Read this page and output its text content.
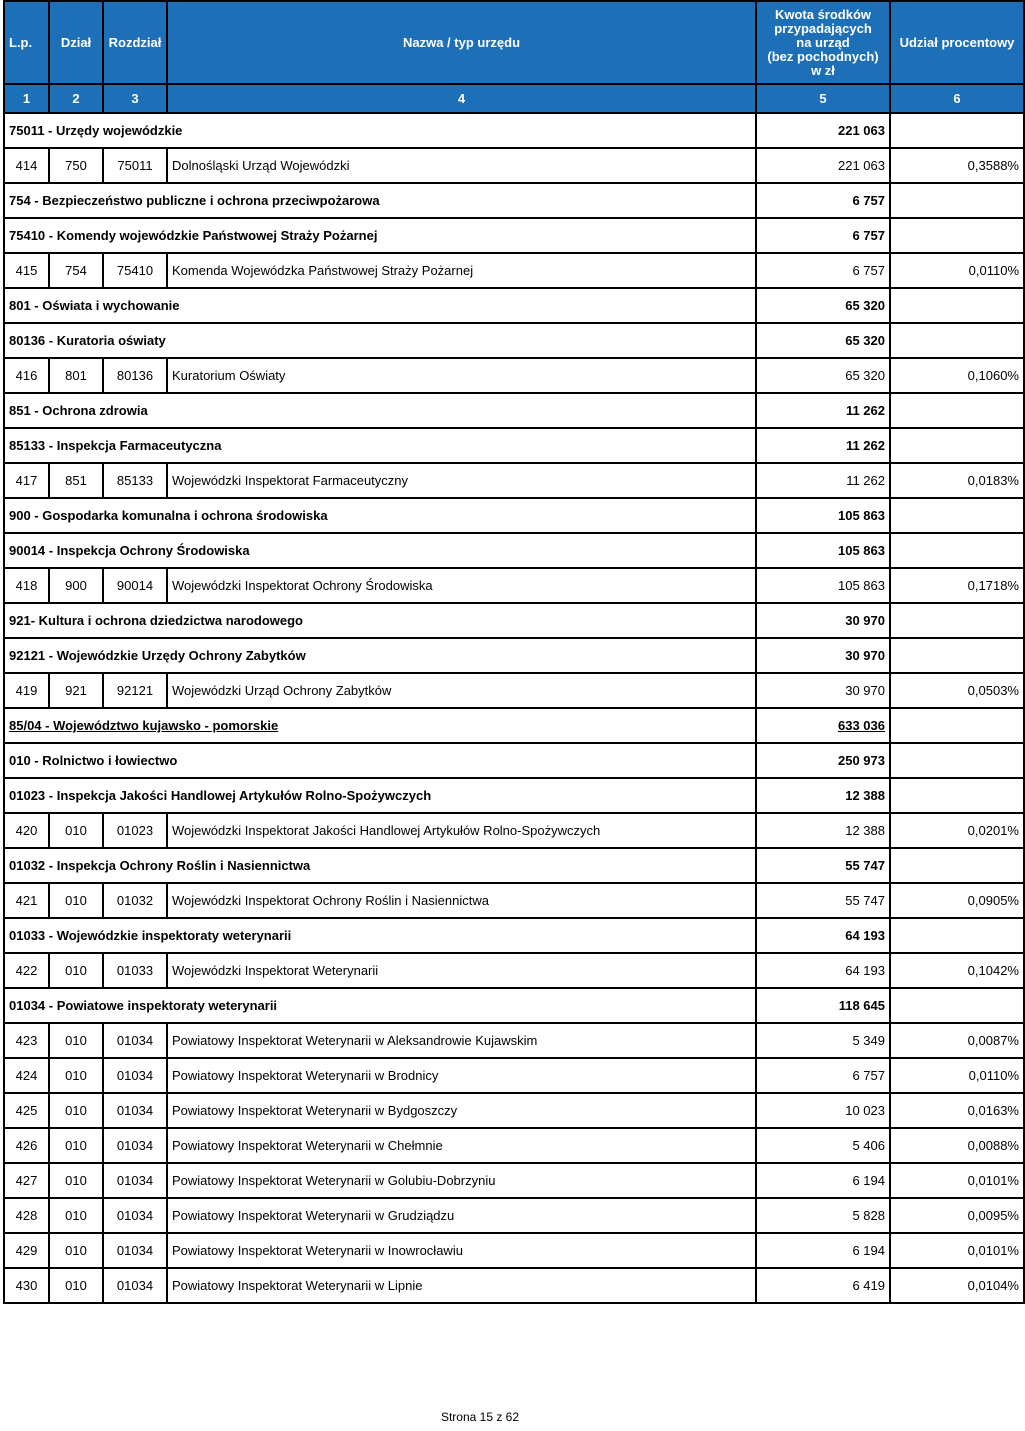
L.p.	Dział	Rozdział	Nazwa / typ urzędu	Kwota środków
przypadających
na urząd
(bez pochodnych)
w zł	Udział procentowy
1	2	3	4	5	6
75011 - Urzędy wojewódzkie				221 063	
414	750	75011	Dolnośląski Urząd Wojewódzki	221 063	0,3588%
754 - Bezpieczeństwo publiczne i ochrona przeciwpożarowa				6 757	
75410 - Komendy wojewódzkie Państwowej Straży Pożarnej				6 757	
415	754	75410	Komenda Wojewódzka Państwowej Straży Pożarnej	6 757	0,0110%
801 - Oświata i wychowanie				65 320	
80136 - Kuratoria oświaty				65 320	
416	801	80136	Kuratorium Oświaty	65 320	0,1060%
851 - Ochrona zdrowia				11 262	
85133 - Inspekcja Farmaceutyczna				11 262	
417	851	85133	Wojewódzki Inspektorat Farmaceutyczny	11 262	0,0183%
900 - Gospodarka komunalna i ochrona środowiska				105 863	
90014 - Inspekcja Ochrony Środowiska				105 863	
418	900	90014	Wojewódzki Inspektorat Ochrony Środowiska	105 863	0,1718%
921- Kultura i ochrona dziedzictwa narodowego				30 970	
92121 - Wojewódzkie Urzędy Ochrony Zabytków				30 970	
419	921	92121	Wojewódzki Urząd Ochrony Zabytków	30 970	0,0503%
85/04 - Województwo kujawsko - pomorskie				633 036	
010 - Rolnictwo i łowiectwo				250 973	
01023 - Inspekcja Jakości Handlowej Artykułów Rolno-Spożywczych				12 388	
420	010	01023	Wojewódzki Inspektorat Jakości Handlowej Artykułów Rolno-Spożywczych	12 388	0,0201%
01032 - Inspekcja Ochrony Roślin i Nasiennictwa				55 747	
421	010	01032	Wojewódzki Inspektorat Ochrony Roślin i Nasiennictwa	55 747	0,0905%
01033 - Wojewódzkie inspektoraty weterynarii				64 193	
422	010	01033	Wojewódzki Inspektorat Weterynarii	64 193	0,1042%
01034 - Powiatowe inspektoraty weterynarii				118 645	
423	010	01034	Powiatowy Inspektorat Weterynarii w Aleksandrowie Kujawskim	5 349	0,0087%
424	010	01034	Powiatowy Inspektorat Weterynarii w Brodnicy	6 757	0,0110%
425	010	01034	Powiatowy Inspektorat Weterynarii w Bydgoszczy	10 023	0,0163%
426	010	01034	Powiatowy Inspektorat Weterynarii w Chełmnie	5 406	0,0088%
427	010	01034	Powiatowy Inspektorat Weterynarii w Golubiu-Dobrzyniu	6 194	0,0101%
428	010	01034	Powiatowy Inspektorat Weterynarii w Grudziądzu	5 828	0,0095%
429	010	01034	Powiatowy Inspektorat Weterynarii w Inowrocławiu	6 194	0,0101%
430	010	01034	Powiatowy Inspektorat Weterynarii w Lipnie	6 419	0,0104%
Strona 15 z 62
